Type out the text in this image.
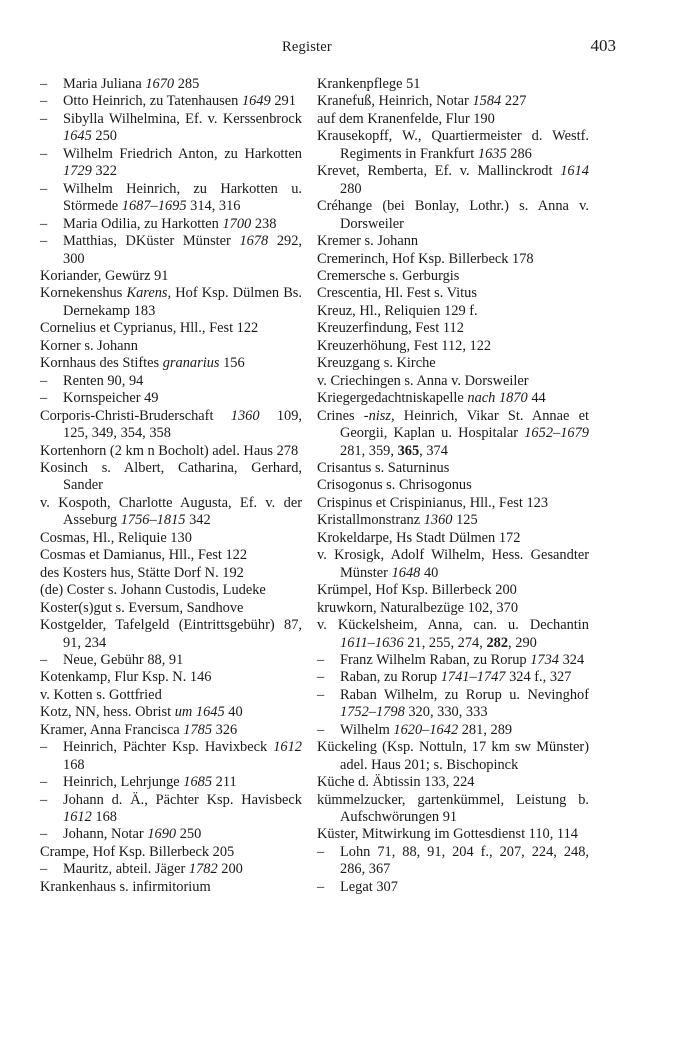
Register	403
– Maria Juliana 1670 285
– Otto Heinrich, zu Tatenhausen 1649 291
– Sibylla Wilhelmina, Ef. v. Kerssenbrock 1645 250
– Wilhelm Friedrich Anton, zu Harkotten 1729 322
– Wilhelm Heinrich, zu Harkotten u. Störmede 1687–1695 314, 316
– Maria Odilia, zu Harkotten 1700 238
– Matthias, DKüster Münster 1678 292, 300
Koriander, Gewürz 91
Kornekenshus Karens, Hof Ksp. Dülmen Bs. Dernekamp 183
Cornelius et Cyprianus, Hll., Fest 122
Korner s. Johann
Kornhaus des Stiftes granarius 156
– Renten 90, 94
– Kornspeicher 49
Corporis-Christi-Bruderschaft 1360 109, 125, 349, 354, 358
Kortenhorn (2 km n Bocholt) adel. Haus 278
Kosinch s. Albert, Catharina, Gerhard, Sander
v. Kospoth, Charlotte Augusta, Ef. v. der Asseburg 1756–1815 342
Cosmas, Hl., Reliquie 130
Cosmas et Damianus, Hll., Fest 122
des Kosters hus, Stätte Dorf N. 192
(de) Coster s. Johann Custodis, Ludeke
Koster(s)gut s. Eversum, Sandhove
Kostgelder, Tafelgeld (Eintrittsgebühr) 87, 91, 234
– Neue, Gebühr 88, 91
Kotenkamp, Flur Ksp. N. 146
v. Kotten s. Gottfried
Kotz, NN, hess. Obrist um 1645 40
Kramer, Anna Francisca 1785 326
– Heinrich, Pächter Ksp. Havixbeck 1612 168
– Heinrich, Lehrjunge 1685 211
– Johann d. Ä., Pächter Ksp. Havisbeck 1612 168
– Johann, Notar 1690 250
Crampe, Hof Ksp. Billerbeck 205
– Mauritz, abteil. Jäger 1782 200
Krankenhaus s. infirmitorium
Krankenpflege 51
Kranefuß, Heinrich, Notar 1584 227
auf dem Kranenfelde, Flur 190
Krausekopff, W., Quartiermeister d. Westf. Regiments in Frankfurt 1635 286
Krevet, Remberta, Ef. v. Mallinckrodt 1614 280
Créhange (bei Bonlay, Lothr.) s. Anna v. Dorsweiler
Kremer s. Johann
Cremerinch, Hof Ksp. Billerbeck 178
Cremersche s. Gerburgis
Crescentia, Hl. Fest s. Vitus
Kreuz, Hl., Reliquien 129 f.
Kreuzerfindung, Fest 112
Kreuzerhöhung, Fest 112, 122
Kreuzgang s. Kirche
v. Criechingen s. Anna v. Dorsweiler
Kriegergedachtniskapelle nach 1870 44
Crines -nisz, Heinrich, Vikar St. Annae et Georgii, Kaplan u. Hospitalar 1652–1679 281, 359, 365, 374
Crisantus s. Saturninus
Crisogonus s. Chrisogonus
Crispinus et Crispinianus, Hll., Fest 123
Kristallmonstranz 1360 125
Krokeldarpe, Hs Stadt Dülmen 172
v. Krosigk, Adolf Wilhelm, Hess. Gesandter Münster 1648 40
Krümpel, Hof Ksp. Billerbeck 200
kruwkorn, Naturalbezüge 102, 370
v. Kückelsheim, Anna, can. u. Dechantin 1611–1636 21, 255, 274, 282, 290
– Franz Wilhelm Raban, zu Rorup 1734 324
– Raban, zu Rorup 1741–1747 324 f., 327
– Raban Wilhelm, zu Rorup u. Nevinghof 1752–1798 320, 330, 333
– Wilhelm 1620–1642 281, 289
Kückeling (Ksp. Nottuln, 17 km sw Münster) adel. Haus 201; s. Bischopinck
Küche d. Äbtissin 133, 224
kümmelzucker, gartenkümmel, Leistung b. Aufschwörungen 91
Küster, Mitwirkung im Gottesdienst 110, 114
– Lohn 71, 88, 91, 204 f., 207, 224, 248, 286, 367
– Legat 307
